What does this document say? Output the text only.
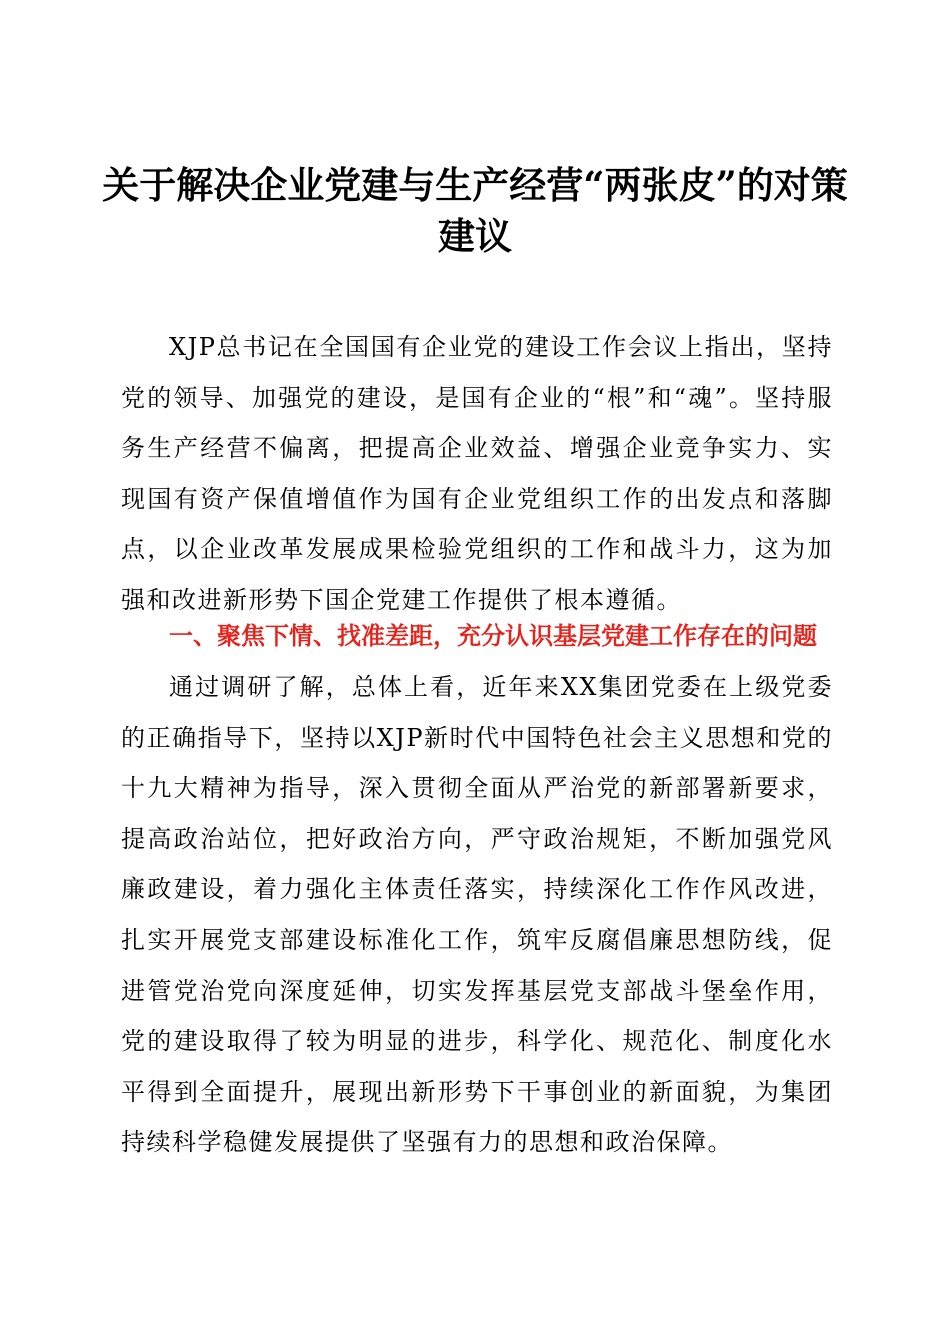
关于解决企业党建与生产经营“两张皮”的对策建议

XJP总书记在全国国有企业党的建设工作会议上指出，坚持党的领导、加强党的建设，是国有企业的“根”和“魂”。坚持服务生产经营不偏离，把提高企业效益、增强企业竞争实力、实现国有资产保值增值作为国有企业党组织工作的出发点和落脚点，以企业改革发展成果检验党组织的工作和战斗力，这为加强和改进新形势下国企党建工作提供了根本遵循。

一、聚焦下情、找准差距，充分认识基层党建工作存在的问题

通过调研了解，总体上看，近年来XX集团党委在上级党委的正确指导下，坚持以XJP新时代中国特色社会主义思想和党的十九大精神为指导，深入贯彻全面从严治党的新部署新要求，提高政治站位，把好政治方向，严守政治规矩，不断加强党风廉政建设，着力强化主体责任落实，持续深化工作作风改进，扎实开展党支部建设标准化工作，筑牢反腐倡廉思想防线，促进管党治党向深度延伸，切实发挥基层党支部战斗堡垒作用，党的建设取得了较为明显的进步，科学化、规范化、制度化水平得到全面提升，展现出新形势下干事创业的新面貌，为集团持续科学稳健发展提供了坚强有力的思想和政治保障。
